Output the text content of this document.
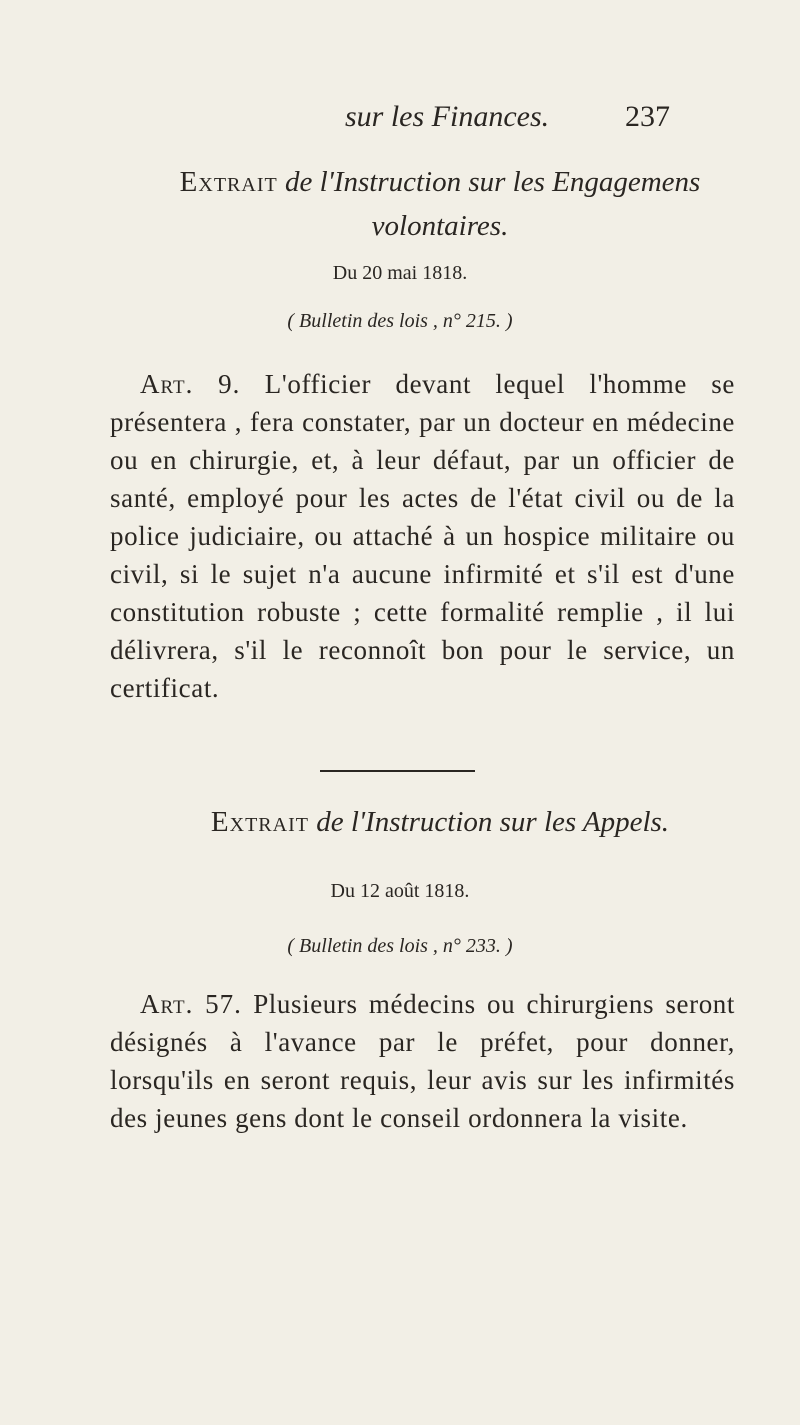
sur les Finances.	237
Extrait de l'Instruction sur les Engagemens
volontaires.
Du 20 mai 1818.
( Bulletin des lois , n° 215. )

Art. 9. L'officier devant lequel l'homme se présentera , fera constater, par un docteur en médecine ou en chirurgie, et, à leur défaut, par un officier de santé, employé pour les actes de l'état civil ou de la police judiciaire, ou attaché à un hospice militaire ou civil, si le sujet n'a aucune infirmité et s'il est d'une constitution robuste ; cette formalité remplie , il lui délivrera, s'il le reconnoît bon pour le service, un certificat.

Extrait de l'Instruction sur les Appels.
Du 12 août 1818.
( Bulletin des lois , n° 233. )

Art. 57. Plusieurs médecins ou chirurgiens seront désignés à l'avance par le préfet, pour donner, lorsqu'ils en seront requis, leur avis sur les infirmités des jeunes gens dont le conseil ordonnera la visite.
